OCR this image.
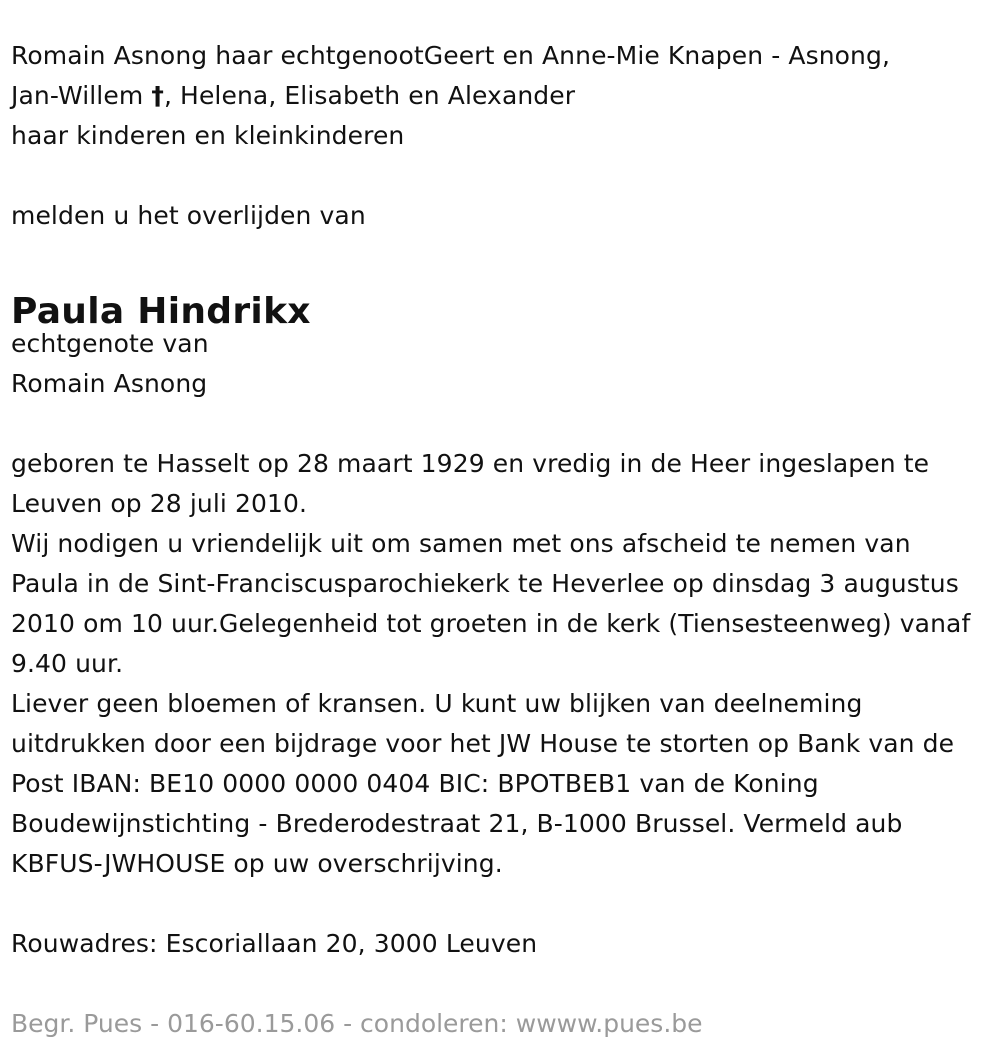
Romain Asnong haar echtgenootGeert en Anne-Mie Knapen - Asnong,
Jan-Willem †, Helena, Elisabeth en Alexander
haar kinderen en kleinkinderen
melden u het overlijden van
Paula Hindrikx
echtgenote van
Romain Asnong
geboren te Hasselt op 28 maart 1929 en vredig in de Heer ingeslapen te Leuven op 28 juli 2010.
Wij nodigen u vriendelijk uit om samen met ons afscheid te nemen van Paula in de Sint-Franciscusparochiekerk te Heverlee op dinsdag 3 augustus 2010 om 10 uur.Gelegenheid tot groeten in de kerk (Tiensesteenweg) vanaf 9.40 uur.
Liever geen bloemen of kransen. U kunt uw blijken van deelneming uitdrukken door een bijdrage voor het JW House te storten op Bank van de Post IBAN: BE10 0000 0000 0404 BIC: BPOTBEB1 van de Koning Boudewijnstichting - Brederodestraat 21, B-1000 Brussel. Vermeld aub KBFUS-JWHOUSE op uw overschrijving.
Rouwadres: Escoriallaan 20, 3000 Leuven
Begr. Pues - 016-60.15.06 - condoleren: wwww.pues.be
